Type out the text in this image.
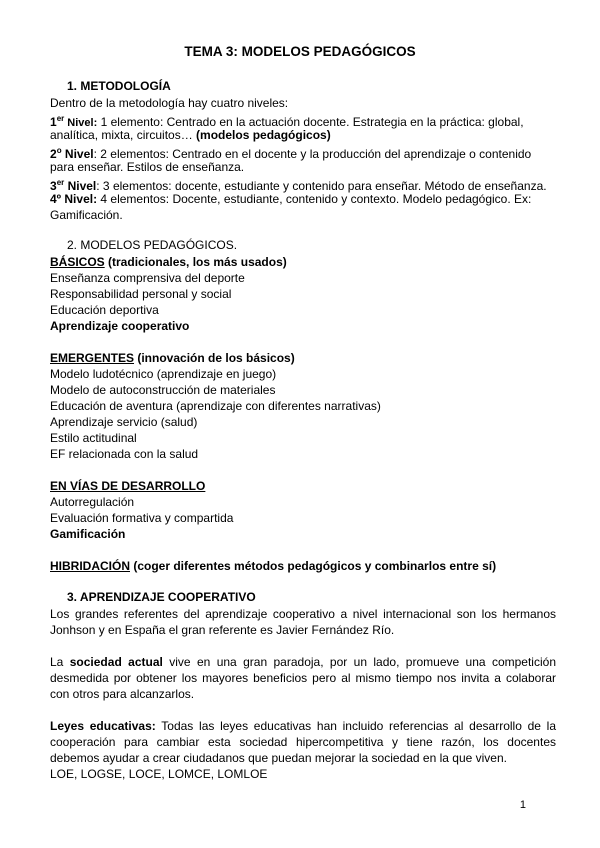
TEMA 3: MODELOS PEDAGÓGICOS
1. METODOLOGÍA
Dentro de la metodología hay cuatro niveles:
1er Nivel: 1 elemento: Centrado en la actuación docente. Estrategia en la práctica: global,
analítica, mixta, circuitos… (modelos pedagógicos)
2$^o$ Nivel: 2 elementos: Centrado en el docente y la producción del aprendizaje o contenido
para enseñar. Estilos de enseñanza.
3er Nivel: 3 elementos: docente, estudiante y contenido para enseñar. Método de enseñanza.
4º Nivel: 4 elementos: Docente, estudiante, contenido y contexto. Modelo pedagógico. Ex:
Gamificación.
2. MODELOS PEDAGÓGICOS.
BÁSICOS (tradicionales, los más usados)
Enseñanza comprensiva del deporte
Responsabilidad personal y social
Educación deportiva
Aprendizaje cooperativo
EMERGENTES (innovación de los básicos)
Modelo ludotécnico (aprendizaje en juego)
Modelo de autoconstrucción de materiales
Educación de aventura (aprendizaje con diferentes narrativas)
Aprendizaje servicio (salud)
Estilo actitudinal
EF relacionada con la salud
EN VÍAS DE DESARROLLO
Autorregulación
Evaluación formativa y compartida
Gamificación
HIBRIDACIÓN (coger diferentes métodos pedagógicos y combinarlos entre sí)
3. APRENDIZAJE COOPERATIVO
Los grandes referentes del aprendizaje cooperativo a nivel internacional son los hermanos
Jonhson y en España el gran referente es Javier Fernández Río.
La sociedad actual vive en una gran paradoja, por un lado, promueve una competición
desmedida por obtener los mayores beneficios pero al mismo tiempo nos invita a colaborar
con otros para alcanzarlos.
Leyes educativas: Todas las leyes educativas han incluido referencias al desarrollo de la
cooperación para cambiar esta sociedad hipercompetitiva y tiene razón, los docentes
debemos ayudar a crear ciudadanos que puedan mejorar la sociedad en la que viven.
LOE, LOGSE, LOCE, LOMCE, LOMLOE
1
